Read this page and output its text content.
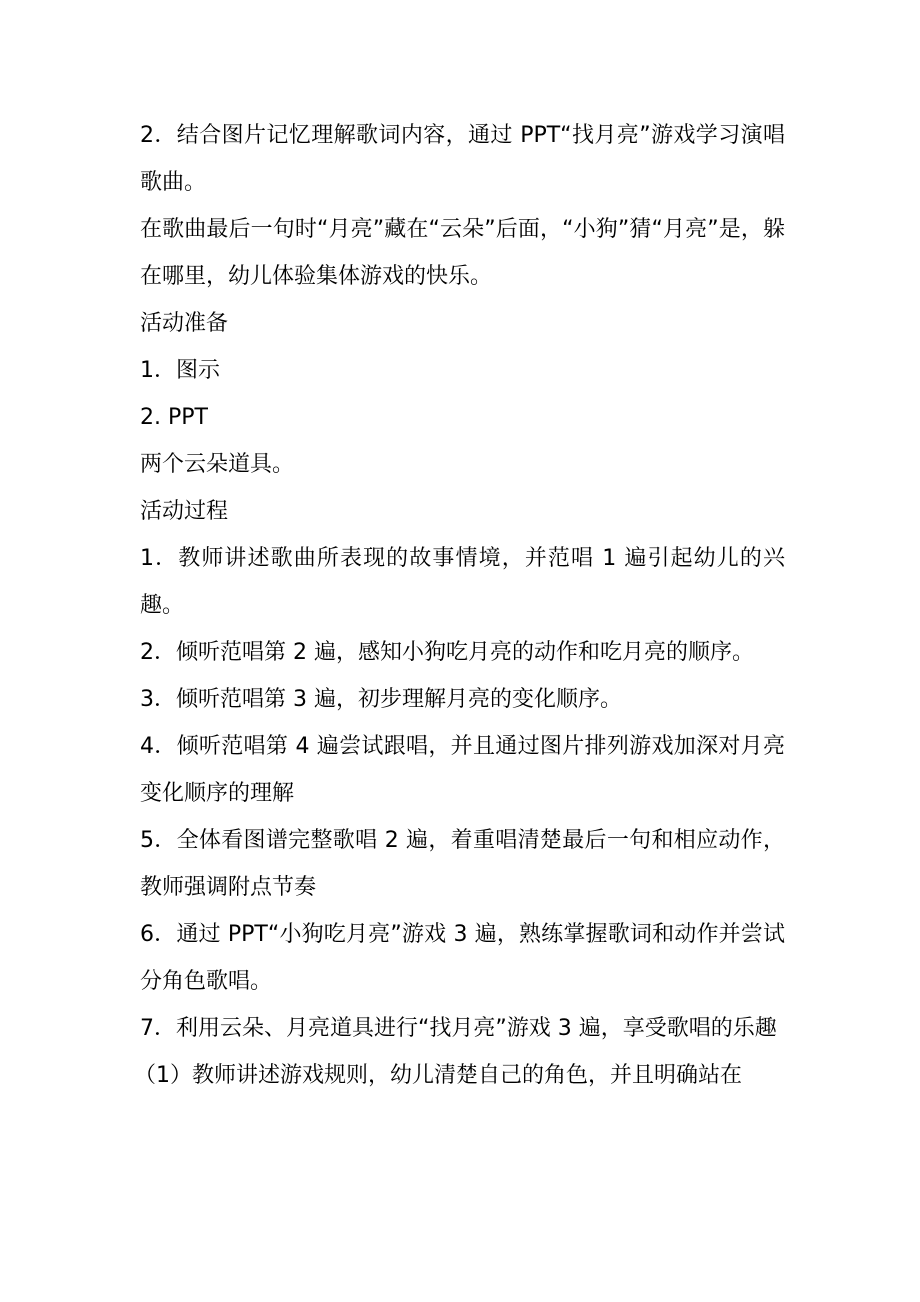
2．结合图片记忆理解歌词内容，通过 PPT“找月亮”游戏学习演唱歌曲。

在歌曲最后一句时“月亮”藏在“云朵”后面，“小狗”猜“月亮”是，躲在哪里，幼儿体验集体游戏的快乐。

活动准备

1．图示

2. PPT

两个云朵道具。

活动过程

1．教师讲述歌曲所表现的故事情境，并范唱 1 遍引起幼儿的兴趣。

2．倾听范唱第 2 遍，感知小狗吃月亮的动作和吃月亮的顺序。

3．倾听范唱第 3 遍，初步理解月亮的变化顺序。

4．倾听范唱第 4 遍尝试跟唱，并且通过图片排列游戏加深对月亮变化顺序的理解

5．全体看图谱完整歌唱 2 遍，着重唱清楚最后一句和相应动作，教师强调附点节奏

6．通过 PPT“小狗吃月亮”游戏 3 遍，熟练掌握歌词和动作并尝试分角色歌唱。

7．利用云朵、月亮道具进行“找月亮”游戏 3 遍，享受歌唱的乐趣

（1）教师讲述游戏规则，幼儿清楚自己的角色，并且明确站在
